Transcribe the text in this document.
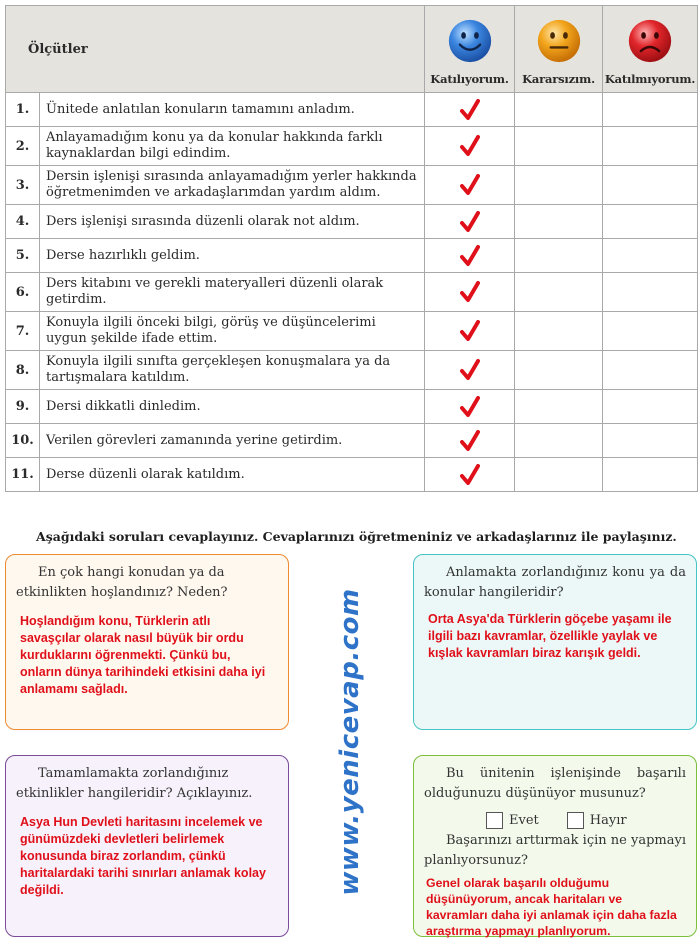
Ölçütler		Katılıyorum.	Kararsızım.	Katılmıyorum.

1.	Ünitede anlatılan konuların tamamını anladım.			
2.	Anlayamadığım konu ya da konular hakkında farklı kaynaklardan bilgi edindim.			
3.	Dersin işlenişi sırasında anlayamadığım yerler hakkında öğretmenimden ve arkadaşlarımdan yardım aldım.			
4.	Ders işlenişi sırasında düzenli olarak not aldım.			
5.	Derse hazırlıklı geldim.			
6.	Ders kitabını ve gerekli materyalleri düzenli olarak getirdim.			
7.	Konuyla ilgili önceki bilgi, görüş ve düşüncelerimi uygun şekilde ifade ettim.			
8.	Konuyla ilgili sınıfta gerçekleşen konuşmalara ya da tartışmalara katıldım.			
9.	Dersi dikkatli dinledim.			
10.	Verilen görevleri zamanında yerine getirdim.			
11.	Derse düzenli olarak katıldım.			
Aşağıdaki soruları cevaplayınız. Cevaplarınızı öğretmeniniz ve arkadaşlarınız ile paylaşınız.

En çok hangi konudan ya da etkinlikten hoşlandınız? Neden?

Hoşlandığım konu, Türklerin atlı savaşçılar olarak nasıl büyük bir ordu kurduklarını öğrenmekti. Çünkü bu, onların dünya tarihindeki etkisini daha iyi anlamamı sağladı.

Anlamakta zorlandığınız konu ya da konular hangileridir?

Orta Asya'da Türklerin göçebe yaşamı ile ilgili bazı kavramlar, özellikle yaylak ve kışlak kavramları biraz karışık geldi.

Tamamlamakta zorlandığınız etkinlikler hangileridir? Açıklayınız.

Asya Hun Devleti haritasını incelemek ve günümüzdeki devletleri belirlemek konusunda biraz zorlandım, çünkü haritalardaki tarihi sınırları anlamak kolay değildi.

Bu ünitenin işlenişinde başarılı olduğunuzu düşünüyor musunuz?

Evet	Hayır

Başarınızı arttırmak için ne yapmayı planlıyorsunuz?

Genel olarak başarılı olduğumu düşünüyorum, ancak haritaları ve kavramları daha iyi anlamak için daha fazla araştırma yapmayı planlıyorum.

www.yenicevap.com
